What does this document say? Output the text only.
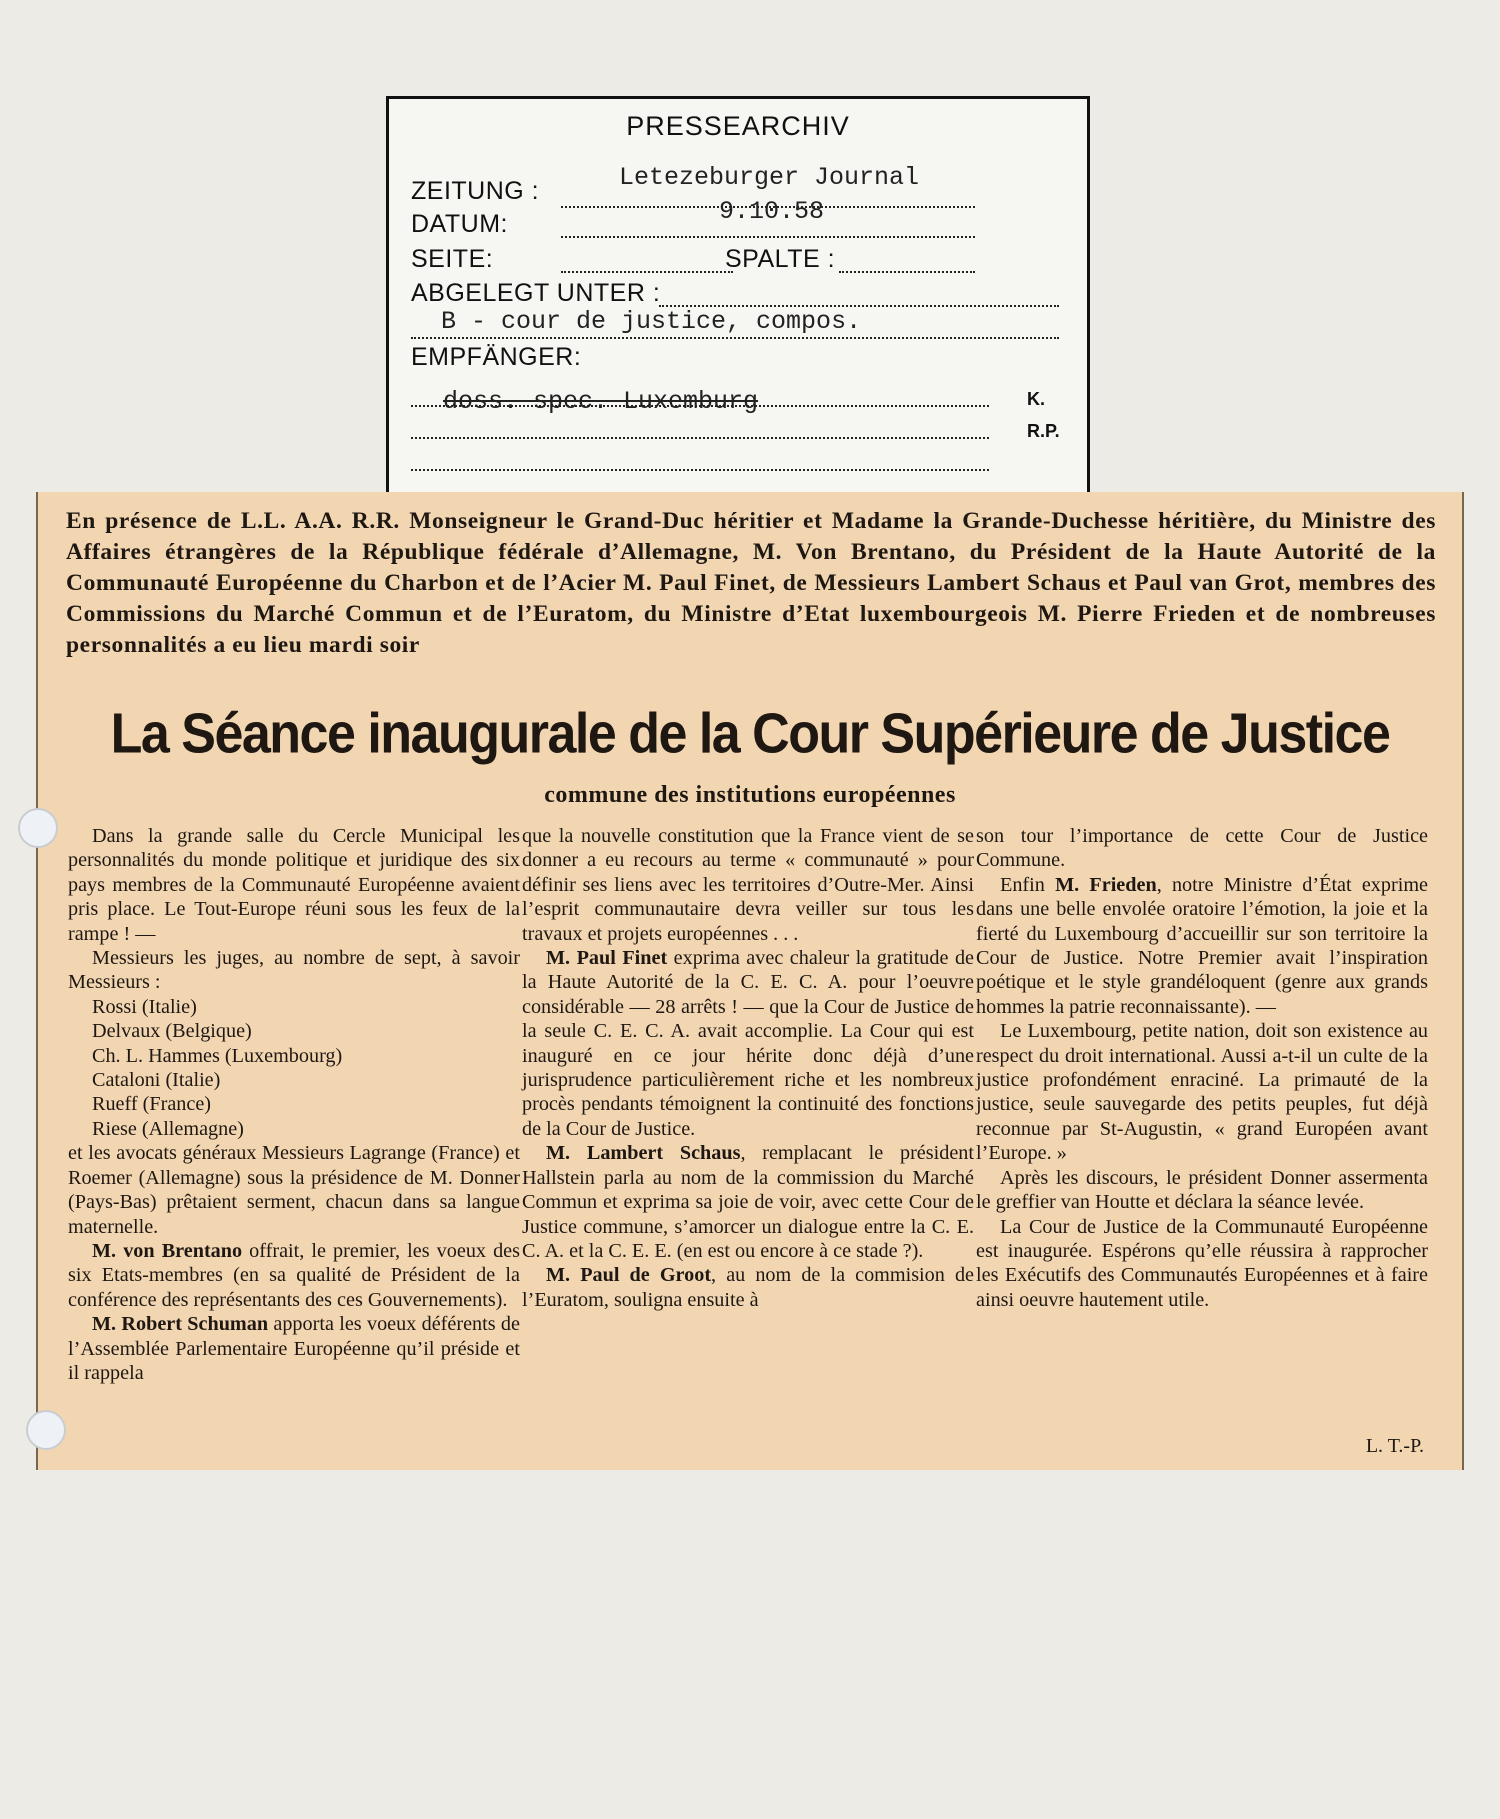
PRESSEARCHIV
ZEITUNG :	Letezeburger Journal
DATUM:	9.10.58
SEITE:	SPALTE :
ABGELEGT UNTER :
B - cour de justice, compos.
EMPFÄNGER:
doss. spec. Luxemburg	K.
R.P.

En présence de L.L. A.A. R.R. Monseigneur le Grand-Duc héritier et Madame la Grande-Duchesse héritière, du Ministre des Affaires étrangères de la République fédérale d’Allemagne, M. Von Brentano, du Président de la Haute Autorité de la Communauté Européenne du Charbon et de l’Acier M. Paul Finet, de Messieurs Lambert Schaus et Paul van Grot, membres des Commissions du Marché Commun et de l’Euratom, du Ministre d’Etat luxembourgeois M. Pierre Frieden et de nombreuses personnalités a eu lieu mardi soir

La Séance inaugurale de la Cour Supérieure de Justice
commune des institutions européennes

Dans la grande salle du Cercle Municipal les personnalités du monde politique et juridique des six pays membres de la Communauté Européenne avaient pris place. Le Tout-Europe réuni sous les feux de la rampe ! —

Messieurs les juges, au nombre de sept, à savoir Messieurs :

Rossi (Italie)

Delvaux (Belgique)

Ch. L. Hammes (Luxembourg)

Cataloni (Italie)

Rueff (France)

Riese (Allemagne)

et les avocats généraux Messieurs Lagrange (France) et Roemer (Allemagne) sous la présidence de M. Donner (Pays-Bas) prêtaient serment, chacun dans sa langue maternelle.

M. von Brentano offrait, le premier, les voeux des six Etats-membres (en sa qualité de Président de la conférence des représentants des ces Gouvernements).

M. Robert Schuman apporta les voeux déférents de l’Assemblée Parlementaire Européenne qu’il préside et il rappela

que la nouvelle constitution que la France vient de se donner a eu recours au terme « communauté » pour définir ses liens avec les territoires d’Outre-Mer. Ainsi l’esprit communautaire devra veiller sur tous les travaux et projets européennes . . .

M. Paul Finet exprima avec chaleur la gratitude de la Haute Autorité de la C. E. C. A. pour l’oeuvre considérable — 28 arrêts ! — que la Cour de Justice de la seule C. E. C. A. avait accomplie. La Cour qui est inauguré en ce jour hérite donc déjà d’une jurisprudence particulièrement riche et les nombreux procès pendants témoignent la continuité des fonctions de la Cour de Justice.

M. Lambert Schaus, remplacant le président Hallstein parla au nom de la commission du Marché Commun et exprima sa joie de voir, avec cette Cour de Justice commune, s’amorcer un dialogue entre la C. E. C. A. et la C. E. E. (en est ou encore à ce stade ?).

M. Paul de Groot, au nom de la commision de l’Euratom, souligna ensuite à

son tour l’importance de cette Cour de Justice Commune.

Enfin M. Frieden, notre Ministre d’État exprime dans une belle envolée oratoire l’émotion, la joie et la fierté du Luxembourg d’accueillir sur son territoire la Cour de Justice. Notre Premier avait l’inspiration poétique et le style grandéloquent (genre aux grands hommes la patrie reconnaissante). —

Le Luxembourg, petite nation, doit son existence au respect du droit international. Aussi a-t-il un culte de la justice profondément enraciné. La primauté de la justice, seule sauvegarde des petits peuples, fut déjà reconnue par St-Augustin, « grand Européen avant l’Europe. »

Après les discours, le président Donner assermenta le greffier van Houtte et déclara la séance levée.

La Cour de Justice de la Communauté Européenne est inaugurée. Espérons qu’elle réussira à rapprocher les Exécutifs des Communautés Européennes et à faire ainsi oeuvre hautement utile.

L. T.-P.
